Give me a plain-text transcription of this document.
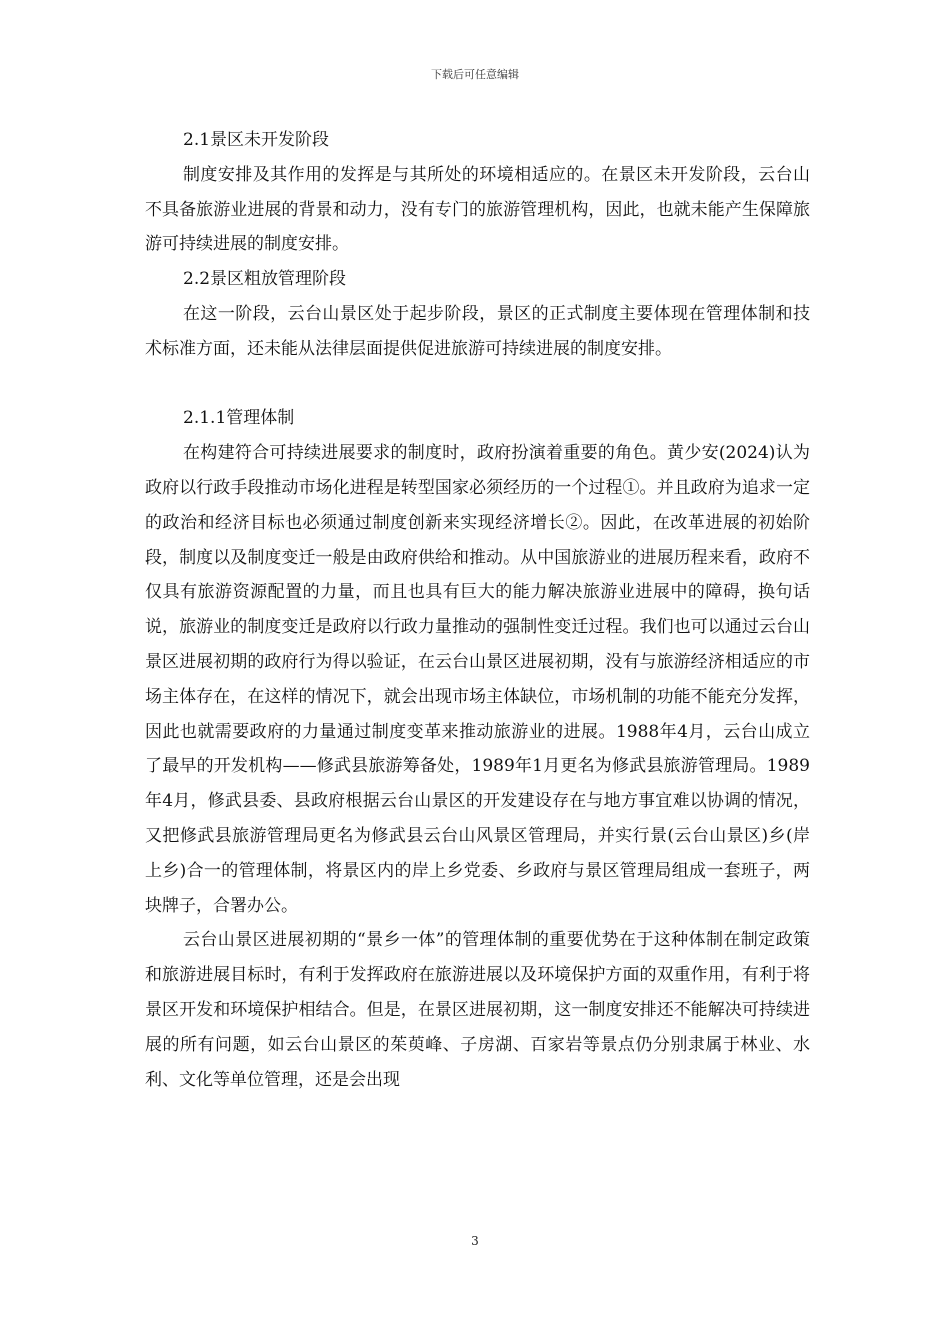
下载后可任意编辑
2.1景区未开发阶段

制度安排及其作用的发挥是与其所处的环境相适应的。在景区未开发阶段，云台山不具备旅游业进展的背景和动力，没有专门的旅游管理机构，因此，也就未能产生保障旅游可持续进展的制度安排。

2.2景区粗放管理阶段

在这一阶段，云台山景区处于起步阶段，景区的正式制度主要体现在管理体制和技术标准方面，还未能从法律层面提供促进旅游可持续进展的制度安排。

2.1.1管理体制

在构建符合可持续进展要求的制度时，政府扮演着重要的角色。黄少安(2024)认为政府以行政手段推动市场化进程是转型国家必须经历的一个过程①。并且政府为追求一定的政治和经济目标也必须通过制度创新来实现经济增长②。因此，在改革进展的初始阶段，制度以及制度变迁一般是由政府供给和推动。从中国旅游业的进展历程来看，政府不仅具有旅游资源配置的力量，而且也具有巨大的能力解决旅游业进展中的障碍，换句话说，旅游业的制度变迁是政府以行政力量推动的强制性变迁过程。我们也可以通过云台山景区进展初期的政府行为得以验证，在云台山景区进展初期，没有与旅游经济相适应的市场主体存在，在这样的情况下，就会出现市场主体缺位，市场机制的功能不能充分发挥，因此也就需要政府的力量通过制度变革来推动旅游业的进展。1988年4月，云台山成立了最早的开发机构——修武县旅游筹备处，1989年1月更名为修武县旅游管理局。1989年4月，修武县委、县政府根据云台山景区的开发建设存在与地方事宜难以协调的情况，又把修武县旅游管理局更名为修武县云台山风景区管理局，并实行景(云台山景区)乡(岸上乡)合一的管理体制，将景区内的岸上乡党委、乡政府与景区管理局组成一套班子，两块牌子，合署办公。

云台山景区进展初期的“景乡一体”的管理体制的重要优势在于这种体制在制定政策和旅游进展目标时，有利于发挥政府在旅游进展以及环境保护方面的双重作用，有利于将景区开发和环境保护相结合。但是，在景区进展初期，这一制度安排还不能解决可持续进展的所有问题，如云台山景区的茱萸峰、子房湖、百家岩等景点仍分别隶属于林业、水利、文化等单位管理，还是会出现

3
